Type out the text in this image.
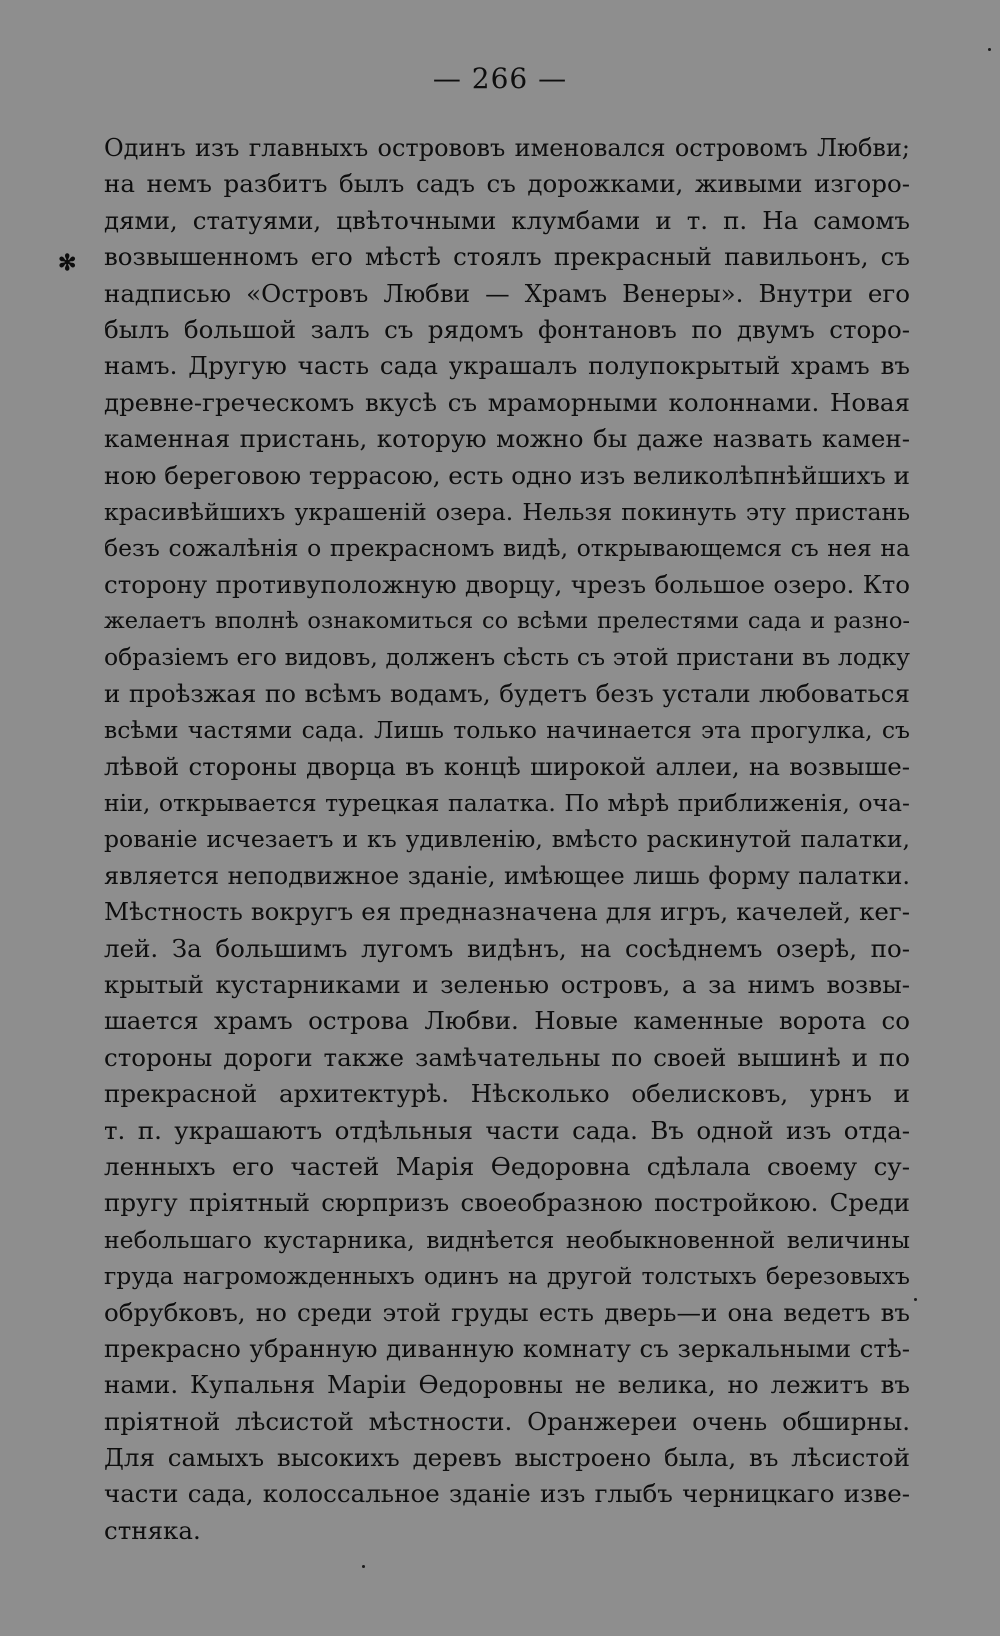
— 266 —
✻
Одинъ изъ главныхъ острововъ именовался островомъ Любви;
на немъ разбитъ былъ садъ съ дорожками, живыми изгоро-
дями, статуями, цвѣточными клумбами и т. п. На самомъ
возвышенномъ его мѣстѣ стоялъ прекрасный павильонъ, съ
надписью «Островъ Любви — Храмъ Венеры». Внутри его
былъ большой залъ съ рядомъ фонтановъ по двумъ сторо-
намъ. Другую часть сада украшалъ полупокрытый храмъ въ
древне-греческомъ вкусѣ съ мраморными колоннами. Новая
каменная пристань, которую можно бы даже назвать камен-
ною береговою террасою, есть одно изъ великолѣпнѣйшихъ и
красивѣйшихъ украшеній озера. Нельзя покинуть эту пристань
безъ сожалѣнія о прекрасномъ видѣ, открывающемся съ нея на
сторону противуположную дворцу, чрезъ большое озеро. Кто
желаетъ вполнѣ ознакомиться со всѣми прелестями сада и разно-
образіемъ его видовъ, долженъ сѣсть съ этой пристани въ лодку
и проѣзжая по всѣмъ водамъ, будетъ безъ устали любоваться
всѣми частями сада. Лишь только начинается эта прогулка, съ
лѣвой стороны дворца въ концѣ широкой аллеи, на возвыше-
ніи, открывается турецкая палатка. По мѣрѣ приближенія, оча-
рованіе исчезаетъ и къ удивленію, вмѣсто раскинутой палатки,
является неподвижное зданіе, имѣющее лишь форму палатки.
Мѣстность вокругъ ея предназначена для игръ, качелей, кег-
лей. За большимъ лугомъ видѣнъ, на сосѣднемъ озерѣ, по-
крытый кустарниками и зеленью островъ, а за нимъ возвы-
шается храмъ острова Любви. Новые каменные ворота со
стороны дороги также замѣчательны по своей вышинѣ и по
прекрасной архитектурѣ. Нѣсколько обелисковъ, урнъ и
т. п. украшаютъ отдѣльныя части сада. Въ одной изъ отда-
ленныхъ его частей Марія Өедоровна сдѣлала своему су-
пругу пріятный сюрпризъ своеобразною постройкою. Среди
небольшаго кустарника, виднѣется необыкновенной величины
груда нагроможденныхъ одинъ на другой толстыхъ березовыхъ
обрубковъ, но среди этой груды есть дверь—и она ведетъ въ
прекрасно убранную диванную комнату съ зеркальными стѣ-
нами. Купальня Маріи Өедоровны не велика, но лежитъ въ
пріятной лѣсистой мѣстности. Оранжереи очень обширны.
Для самыхъ высокихъ деревъ выстроено была, въ лѣсистой
части сада, колоссальное зданіе изъ глыбъ черницкаго изве-
стняка.
